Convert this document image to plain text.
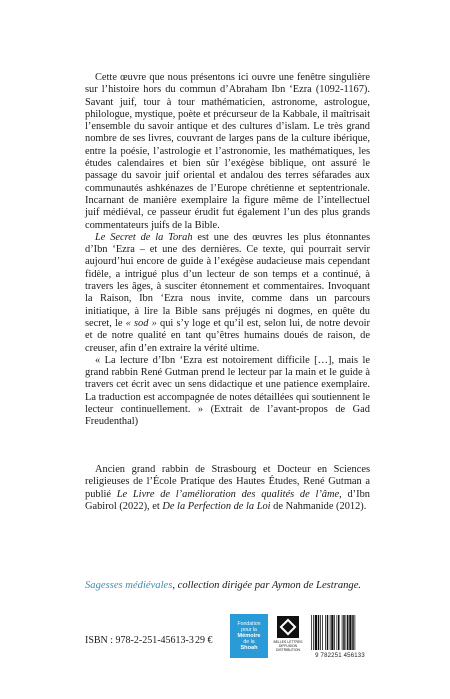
Cette œuvre que nous présentons ici ouvre une fenêtre singulière sur l’histoire hors du commun d’Abraham Ibn ‘Ezra (1092-1167). Savant juif, tour à tour mathématicien, astronome, astrologue, philologue, mystique, poète et précurseur de la Kabbale, il maîtrisait l’ensemble du savoir antique et des cultures d’islam. Le très grand nombre de ses livres, couvrant de larges pans de la culture ibérique, entre la poésie, l’astrologie et l’astronomie, les mathématiques, les études calendaires et bien sûr l’exégèse biblique, ont assuré le passage du savoir juif oriental et andalou des terres séfarades aux communautés ashkénazes de l’Europe chrétienne et septentrionale. Incarnant de manière exemplaire la figure même de l’intellectuel juif médiéval, ce passeur érudit fut également l’un des plus grands commentateurs juifs de la Bible.

Le Secret de la Torah est une des œuvres les plus étonnantes d’Ibn ‘Ezra – et une des dernières. Ce texte, qui pourrait servir aujourd’hui encore de guide à l’exégèse audacieuse mais cependant fidèle, a intrigué plus d’un lecteur de son temps et a continué, à travers les âges, à susciter étonnement et commentaires. Invoquant la Raison, Ibn ‘Ezra nous invite, comme dans un parcours initiatique, à lire la Bible sans préjugés ni dogmes, en quête du secret, le « sod » qui s’y loge et qu’il est, selon lui, de notre devoir et de notre qualité en tant qu’êtres humains doués de raison, de creuser, afin d’en extraire la vérité ultime.

« La lecture d’Ibn ‘Ezra est notoirement difficile […], mais le grand rabbin René Gutman prend le lecteur par la main et le guide à travers cet écrit avec un sens didactique et une patience exemplaire. La traduction est accompagnée de notes détaillées qui soutiennent le lecteur continuellement. » (Extrait de l’avant-propos de Gad Freudenthal)

Ancien grand rabbin de Strasbourg et Docteur en Sciences religieuses de l’École Pratique des Hautes Études, René Gutman a publié Le Livre de l’amélioration des qualités de l’âme, d’Ibn Gabirol (2022), et De la Perfection de la Loi de Nahmanide (2012).
Sagesses médiévales, collection dirigée par Aymon de Lestrange.
ISBN : 978-2-251-45613-3 29 €
Fondation
pour la
Mémoire
de la
Shoah
BELLES LETTRES DIFFUSION DISTRIBUTION
9 782251 456133
